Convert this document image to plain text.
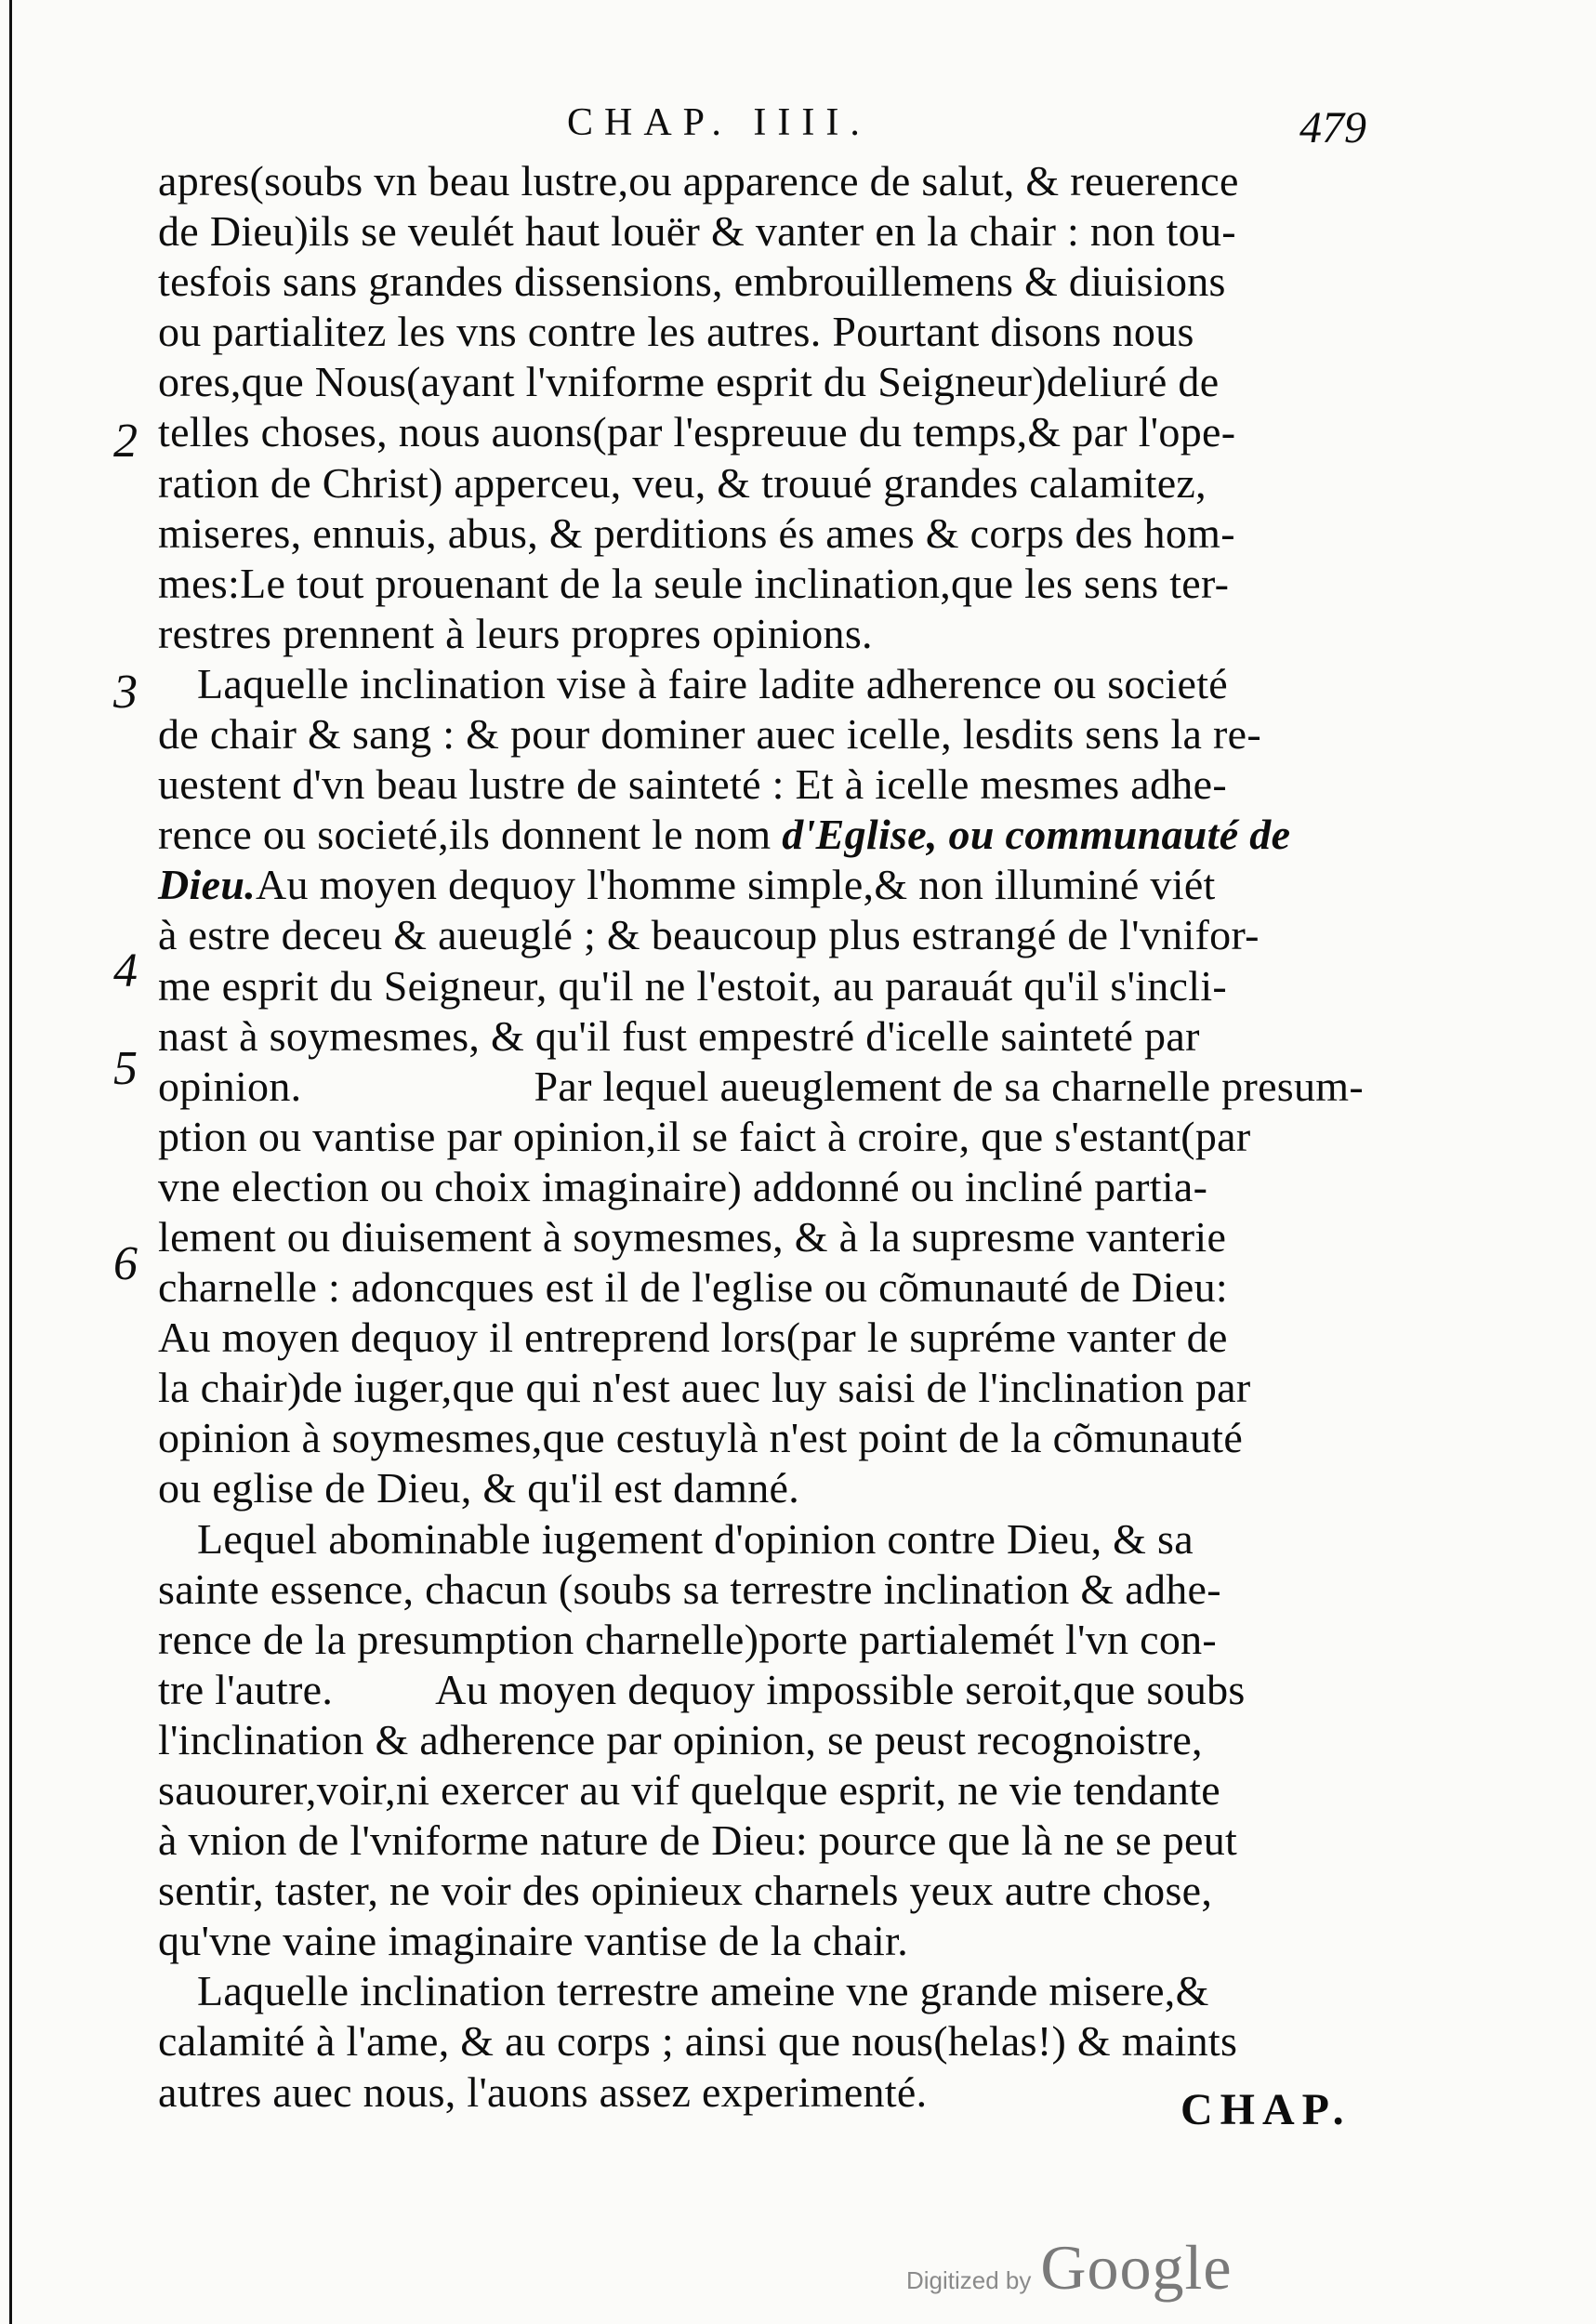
CHAP. IIII.	479
2
3
4
5
6
apres(soubs vn beau lustre,ou apparence de salut, & reuerence
de Dieu)ils se veulét haut louër & vanter en la chair : non tou-
tesfois sans grandes dissensions, embrouillemens & diuisions
ou partialitez les vns contre les autres. Pourtant disons nous
ores,que Nous(ayant l'vniforme esprit du Seigneur)deliuré de
telles choses, nous auons(par l'espreuue du temps,& par l'ope-
ration de Christ) apperceu, veu, & trouué grandes calamitez,
miseres, ennuis, abus, & perditions és ames & corps des hom-
mes:Le tout prouenant de la seule inclination,que les sens ter-
restres prennent à leurs propres opinions.
Laquelle inclination vise à faire ladite adherence ou societé
de chair & sang : & pour dominer auec icelle, lesdits sens la re-
uestent d'vn beau lustre de sainteté : Et à icelle mesmes adhe-
rence ou societé,ils donnent le nom d'Eglise, ou communauté de
Dieu.Au moyen dequoy l'homme simple,& non illuminé viét
à estre deceu & aueuglé ; & beaucoup plus estrangé de l'vnifor-
me esprit du Seigneur, qu'il ne l'estoit, au parauát qu'il s'incli-
nast à soymesmes, & qu'il fust empestré d'icelle sainteté par
opinion.	Par lequel aueuglement de sa charnelle presum-
ption ou vantise par opinion,il se faict à croire, que s'estant(par
vne election ou choix imaginaire) addonné ou incliné partia-
lement ou diuisement à soymesmes, & à la supresme vanterie
charnelle : adoncques est il de l'eglise ou cõmunauté de Dieu:
Au moyen dequoy il entreprend lors(par le supréme vanter de
la chair)de iuger,que qui n'est auec luy saisi de l'inclination par
opinion à soymesmes,que cestuylà n'est point de la cõmunauté
ou eglise de Dieu, & qu'il est damné.
Lequel abominable iugement d'opinion contre Dieu, & sa
sainte essence, chacun (soubs sa terrestre inclination & adhe-
rence de la presumption charnelle)porte partialemét l'vn con-
tre l'autre. Au moyen dequoy impossible seroit,que soubs
l'inclination & adherence par opinion, se peust recognoistre,
sauourer,voir,ni exercer au vif quelque esprit, ne vie tendante
à vnion de l'vniforme nature de Dieu: pource que là ne se peut
sentir, taster, ne voir des opinieux charnels yeux autre chose,
qu'vne vaine imaginaire vantise de la chair.
Laquelle inclination terrestre ameine vne grande misere,&
calamité à l'ame, & au corps ; ainsi que nous(helas!) & maints
autres auec nous, l'auons assez experimenté.	CHAP.
Digitized by Google
